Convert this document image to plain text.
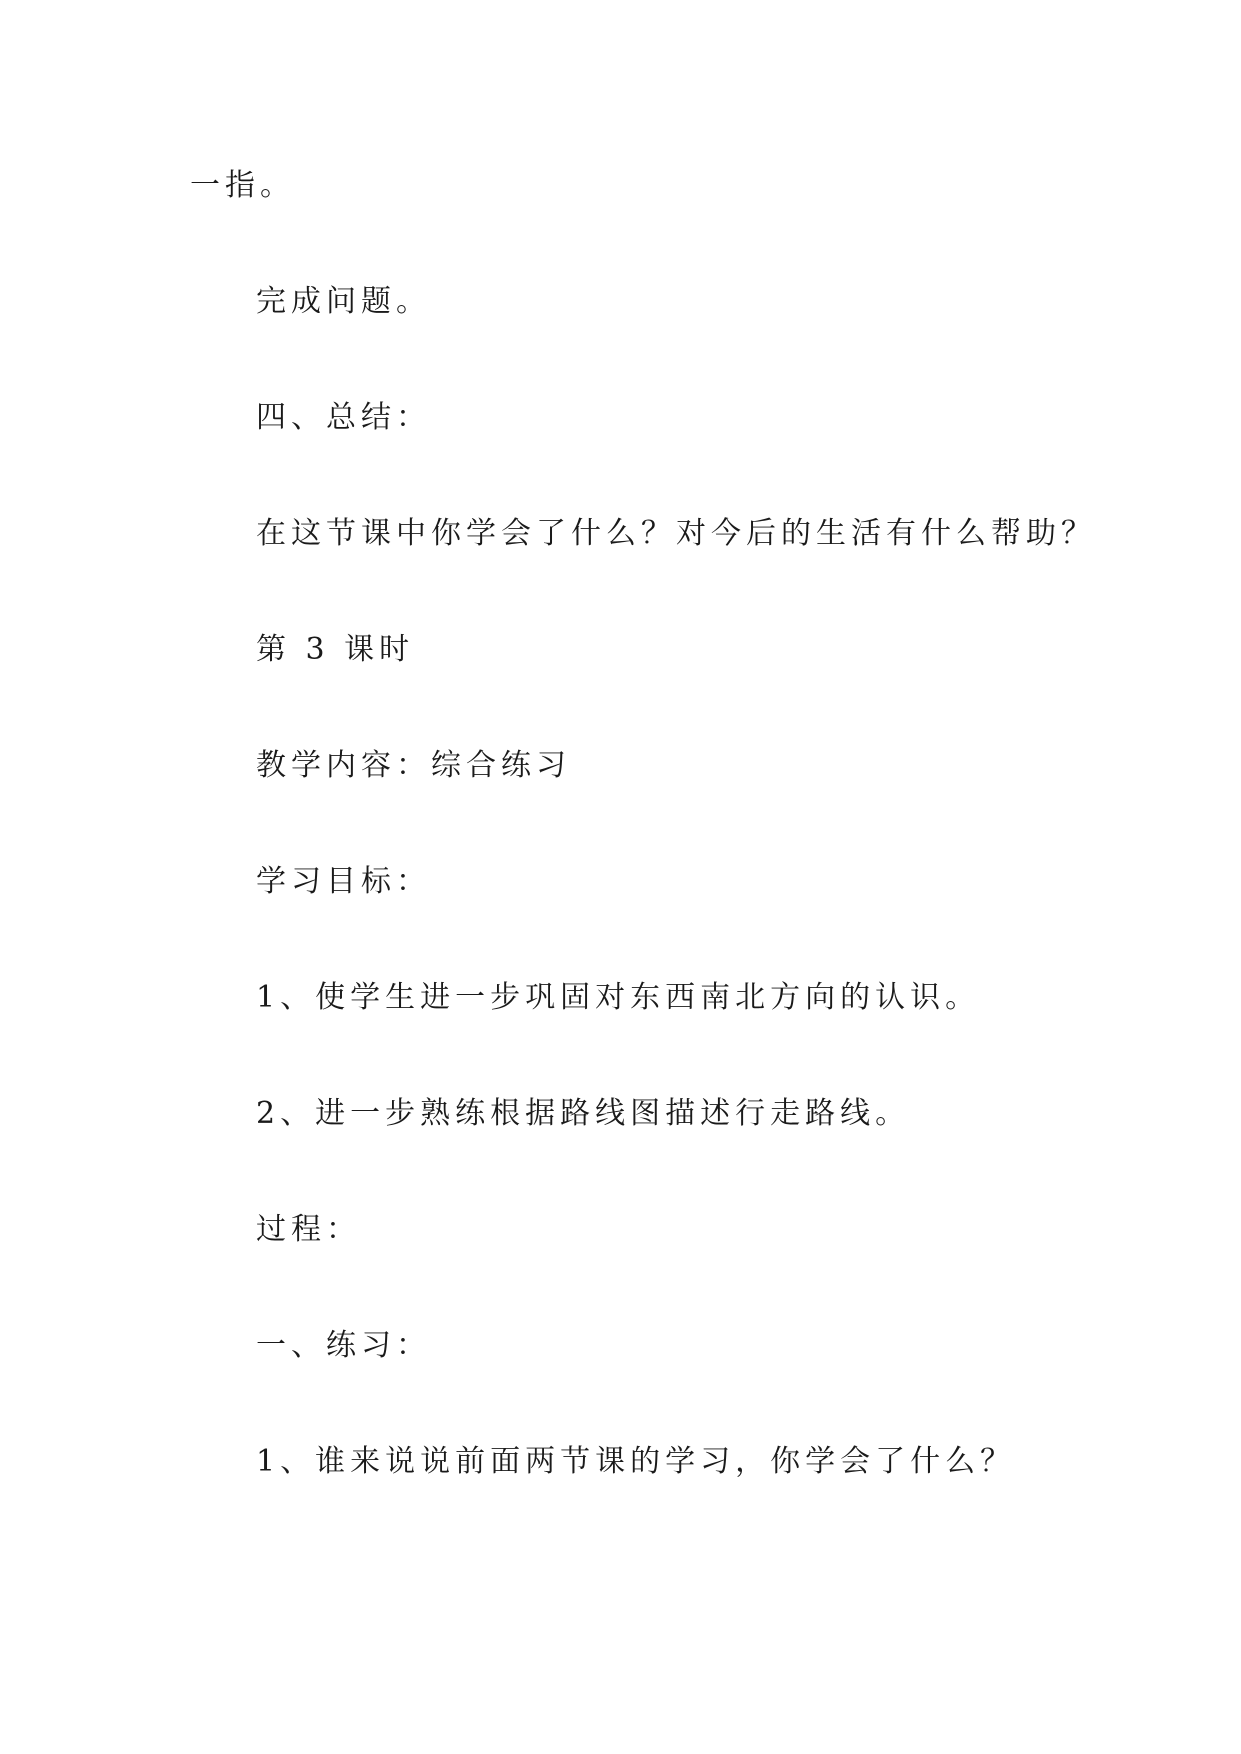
一指。
完成问题。
四、总结：
在这节课中你学会了什么？对今后的生活有什么帮助？
第 3 课时
教学内容：综合练习
学习目标：
1、使学生进一步巩固对东西南北方向的认识。
2、进一步熟练根据路线图描述行走路线。
过程：
一、练习：
1、谁来说说前面两节课的学习，你学会了什么？
